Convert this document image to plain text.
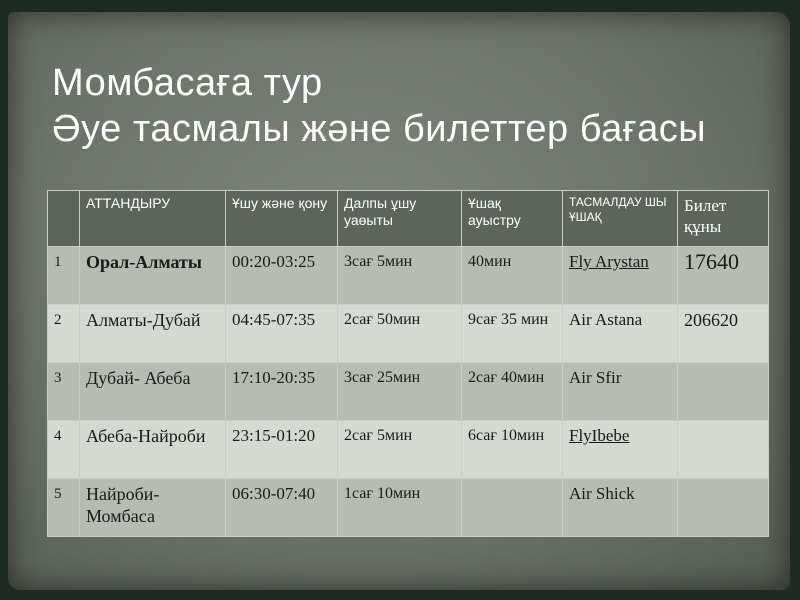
Момбасаға тур
Әуе тасмалы және билеттер бағасы
	АТТАНДЫРУ	Ұшу және қону	Далпы ұшу уаөыты	Ұшақ ауыстру	ТАСМАЛДАУ ШЫ ҰШАҚ	Билет құны
1	Орал-Алматы	00:20-03:25	3сағ 5мин	40мин	Fly Arystan	17640
2	Алматы-Дубай	04:45-07:35	2сағ 50мин	9сағ 35 мин	Air Astana	206620
3	Дубай- Абеба	17:10-20:35	3сағ 25мин	2сағ 40мин	Air Sfir	
4	Абеба-Найроби	23:15-01:20	2сағ 5мин	6сағ 10мин	FlyIbebe	
5	Найроби-Момбаса	06:30-07:40	1сағ 10мин		Air Shick	
